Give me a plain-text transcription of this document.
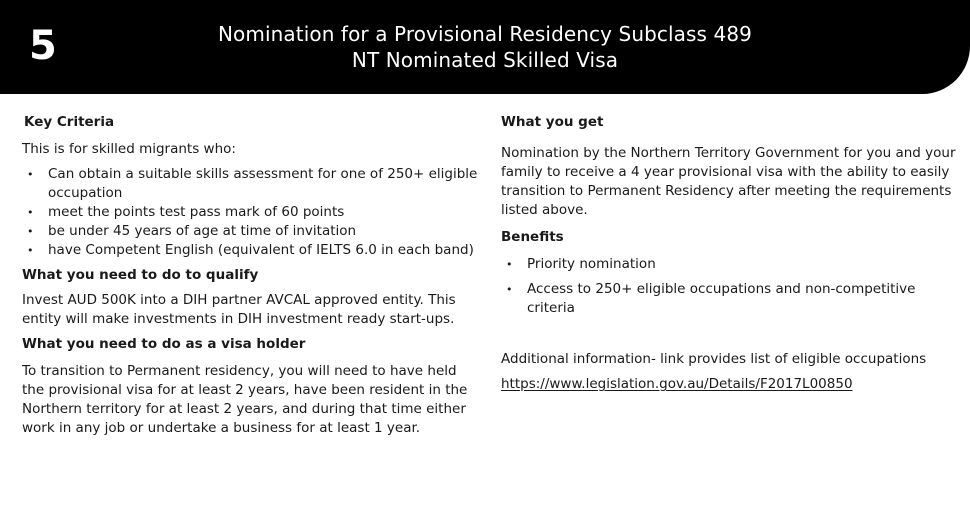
5	Nomination for a Provisional Residency Subclass 489
NT Nominated Skilled Visa

Key Criteria

This is for skilled migrants who:

• Can obtain a suitable skills assessment for one of 250+ eligible occupation
• meet the points test pass mark of 60 points
• be under 45 years of age at time of invitation
• have Competent English (equivalent of IELTS 6.0 in each band)

What you need to do to qualify

Invest AUD 500K into a DIH partner AVCAL approved entity. This entity will make investments in DIH investment ready start-ups.

What you need to do as a visa holder

To transition to Permanent residency, you will need to have held the provisional visa for at least 2 years, have been resident in the Northern territory for at least 2 years, and during that time either work in any job or undertake a business for at least 1 year.

What you get

Nomination by the Northern Territory Government for you and your family to receive a 4 year provisional visa with the ability to easily transition to Permanent Residency after meeting the requirements listed above.

Benefits

• Priority nomination
• Access to 250+ eligible occupations and non-competitive criteria

Additional information- link provides list of eligible occupations

https://www.legislation.gov.au/Details/F2017L00850
